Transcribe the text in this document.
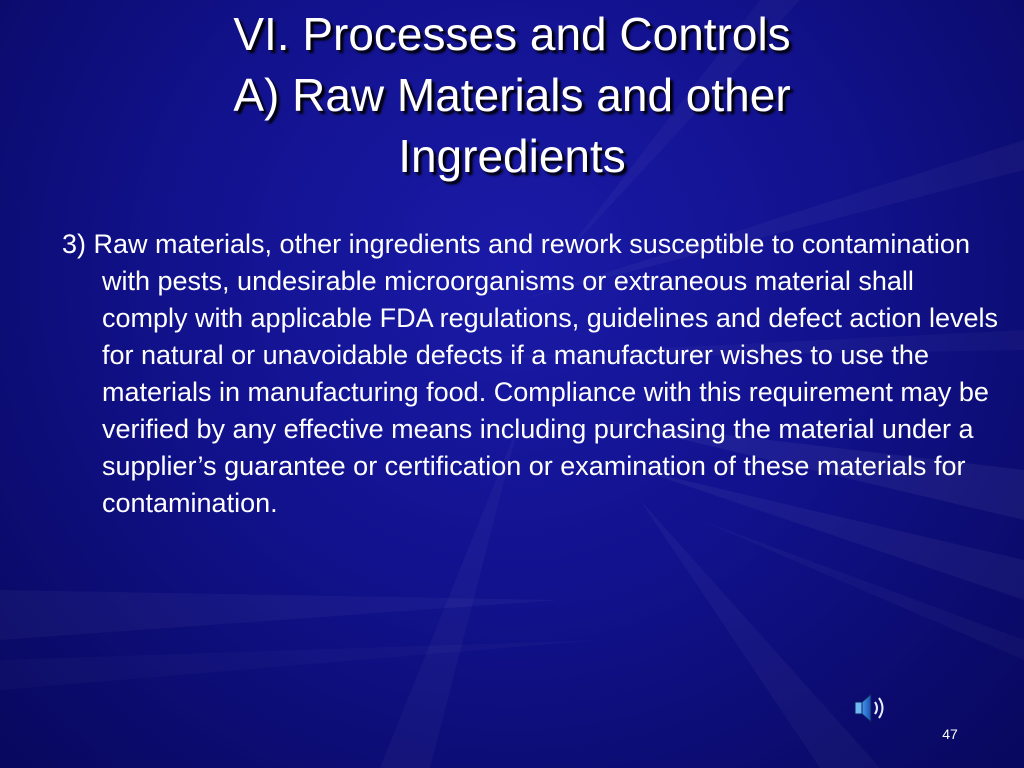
VI. Processes and Controls
A) Raw Materials and other
Ingredients

3) Raw materials, other ingredients and rework susceptible to contamination with pests, undesirable microorganisms or extraneous material shall comply with applicable FDA regulations, guidelines and defect action levels for natural or unavoidable defects if a manufacturer wishes to use the materials in manufacturing food. Compliance with this requirement may be verified by any effective means including purchasing the material under a supplier’s guarantee or certification or examination of these materials for contamination.

47
